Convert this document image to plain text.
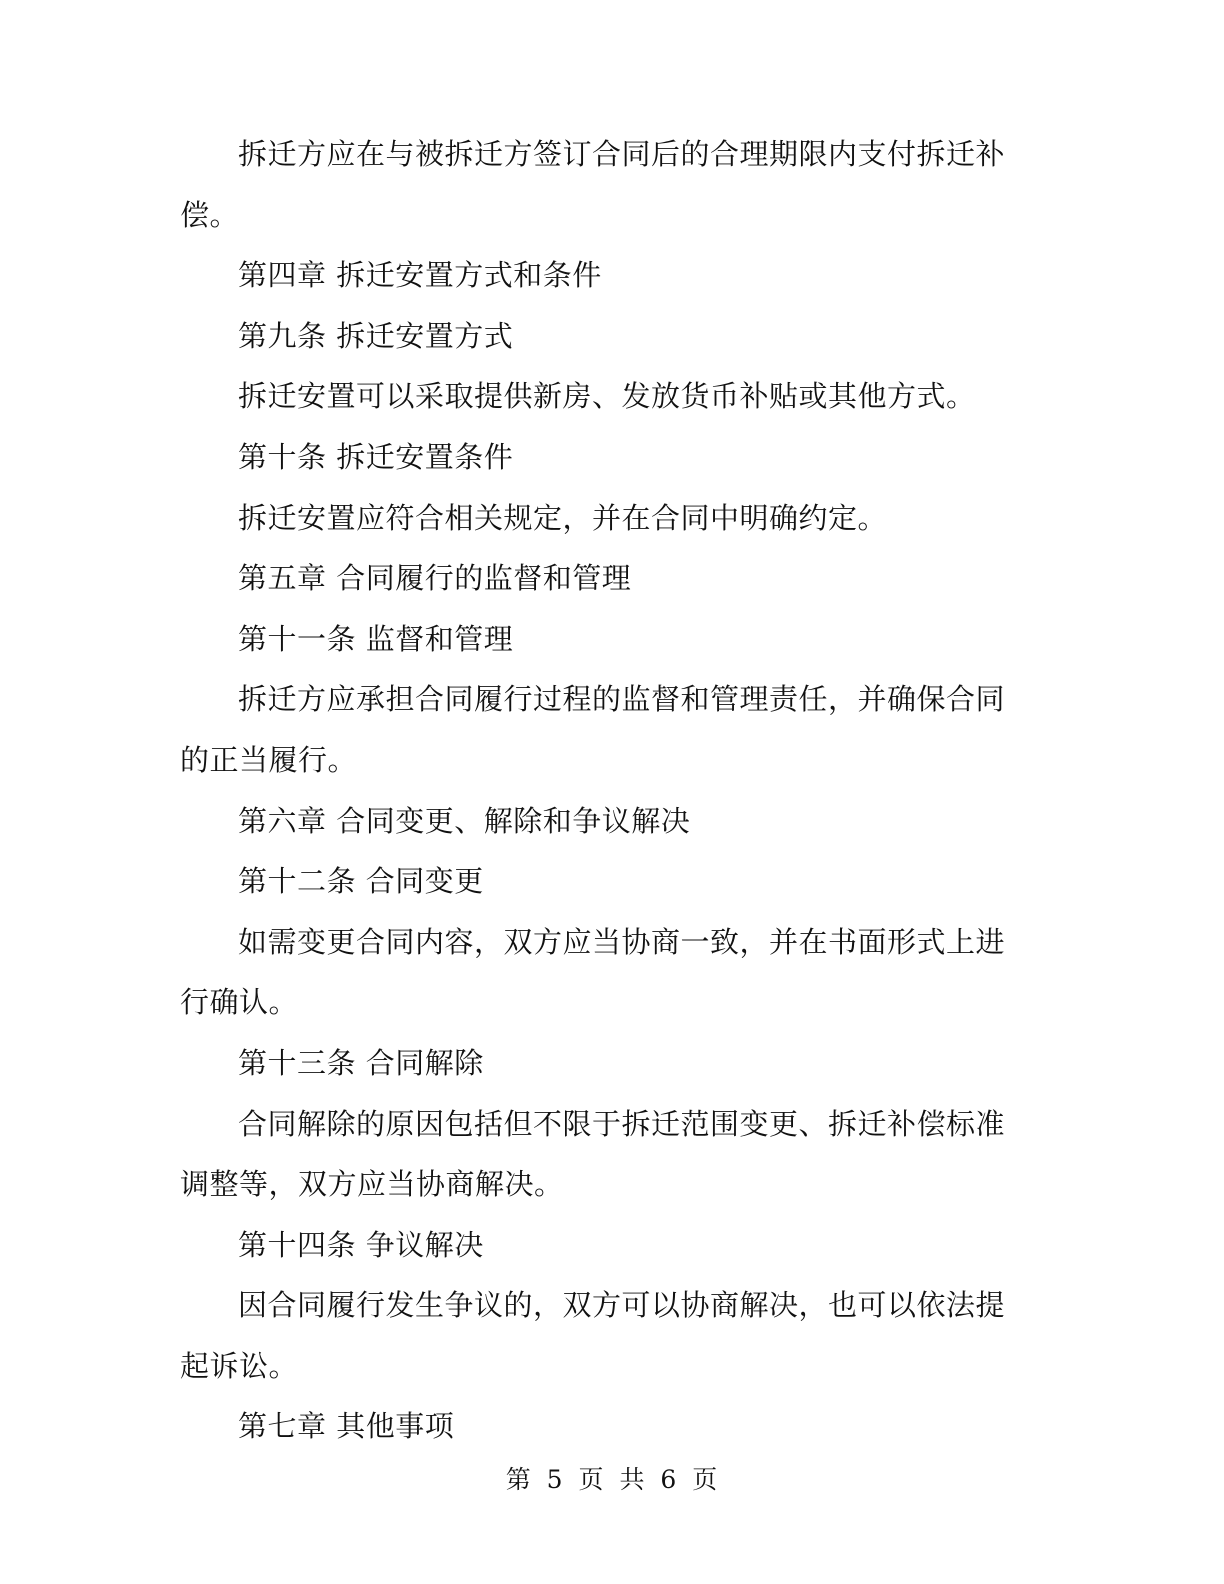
拆迁方应在与被拆迁方签订合同后的合理期限内支付拆迁补偿。

第四章 拆迁安置方式和条件

第九条 拆迁安置方式

拆迁安置可以采取提供新房、发放货币补贴或其他方式。

第十条 拆迁安置条件

拆迁安置应符合相关规定，并在合同中明确约定。

第五章 合同履行的监督和管理

第十一条 监督和管理

拆迁方应承担合同履行过程的监督和管理责任，并确保合同的正当履行。

第六章 合同变更、解除和争议解决

第十二条 合同变更

如需变更合同内容，双方应当协商一致，并在书面形式上进行确认。

第十三条 合同解除

合同解除的原因包括但不限于拆迁范围变更、拆迁补偿标准调整等，双方应当协商解决。

第十四条 争议解决

因合同履行发生争议的，双方可以协商解决，也可以依法提起诉讼。

第七章 其他事项

第 5 页 共 6 页
